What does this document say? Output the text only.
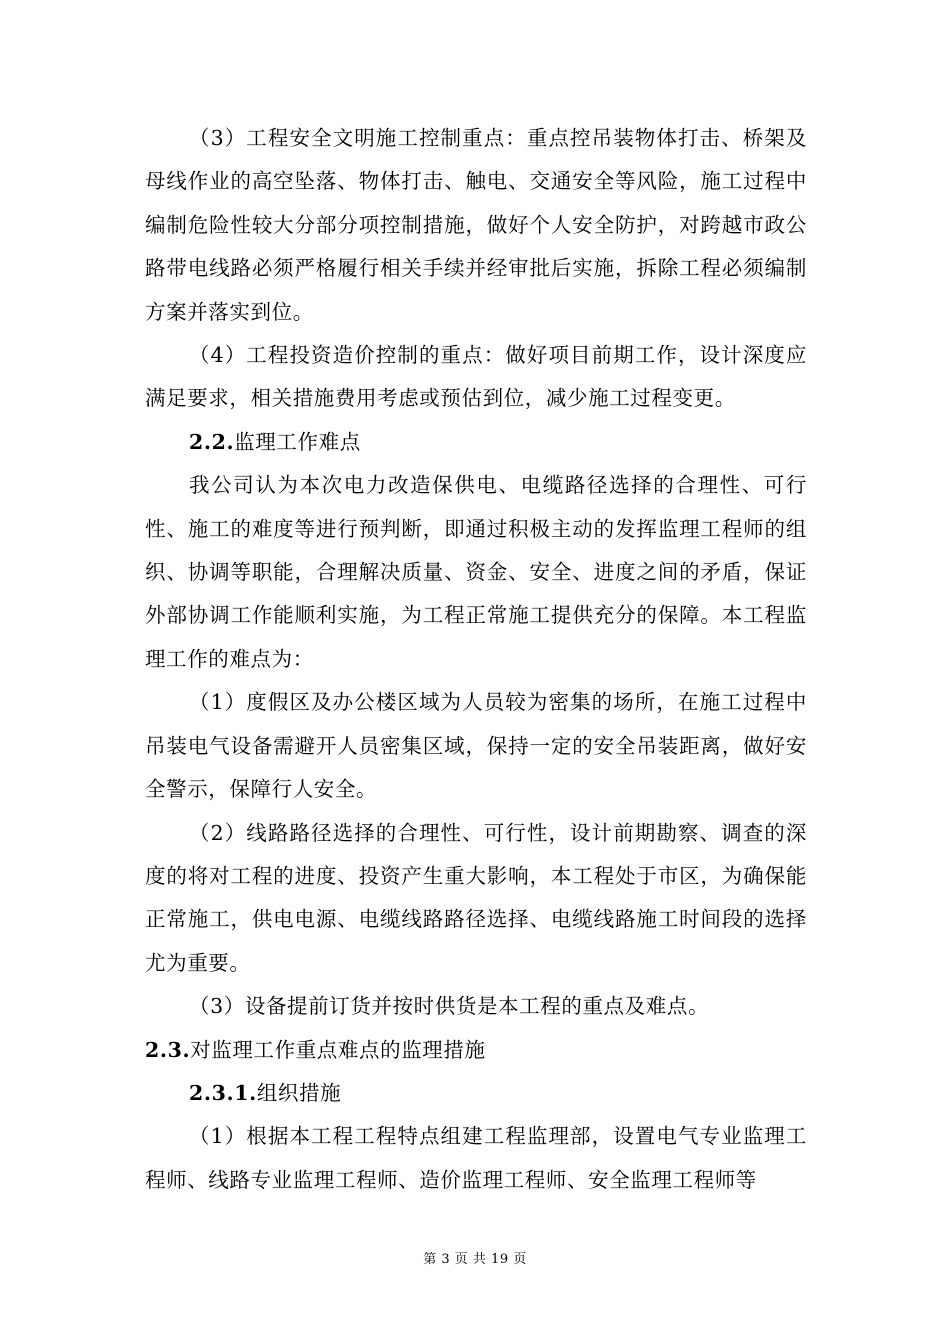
（3）工程安全文明施工控制重点：重点控吊装物体打击、桥架及母线作业的高空坠落、物体打击、触电、交通安全等风险，施工过程中编制危险性较大分部分项控制措施，做好个人安全防护，对跨越市政公路带电线路必须严格履行相关手续并经审批后实施，拆除工程必须编制方案并落实到位。

（4）工程投资造价控制的重点：做好项目前期工作，设计深度应满足要求，相关措施费用考虑或预估到位，减少施工过程变更。

2.2.监理工作难点

我公司认为本次电力改造保供电、电缆路径选择的合理性、可行性、施工的难度等进行预判断，即通过积极主动的发挥监理工程师的组织、协调等职能，合理解决质量、资金、安全、进度之间的矛盾，保证外部协调工作能顺利实施，为工程正常施工提供充分的保障。本工程监理工作的难点为：

（1）度假区及办公楼区域为人员较为密集的场所，在施工过程中吊装电气设备需避开人员密集区域，保持一定的安全吊装距离，做好安全警示，保障行人安全。

（2）线路路径选择的合理性、可行性，设计前期勘察、调查的深度的将对工程的进度、投资产生重大影响，本工程处于市区，为确保能正常施工，供电电源、电缆线路路径选择、电缆线路施工时间段的选择尤为重要。

（3）设备提前订货并按时供货是本工程的重点及难点。

2.3.对监理工作重点难点的监理措施

2.3.1.组织措施

（1）根据本工程工程特点组建工程监理部，设置电气专业监理工程师、线路专业监理工程师、造价监理工程师、安全监理工程师等

第 3 页 共 19 页
